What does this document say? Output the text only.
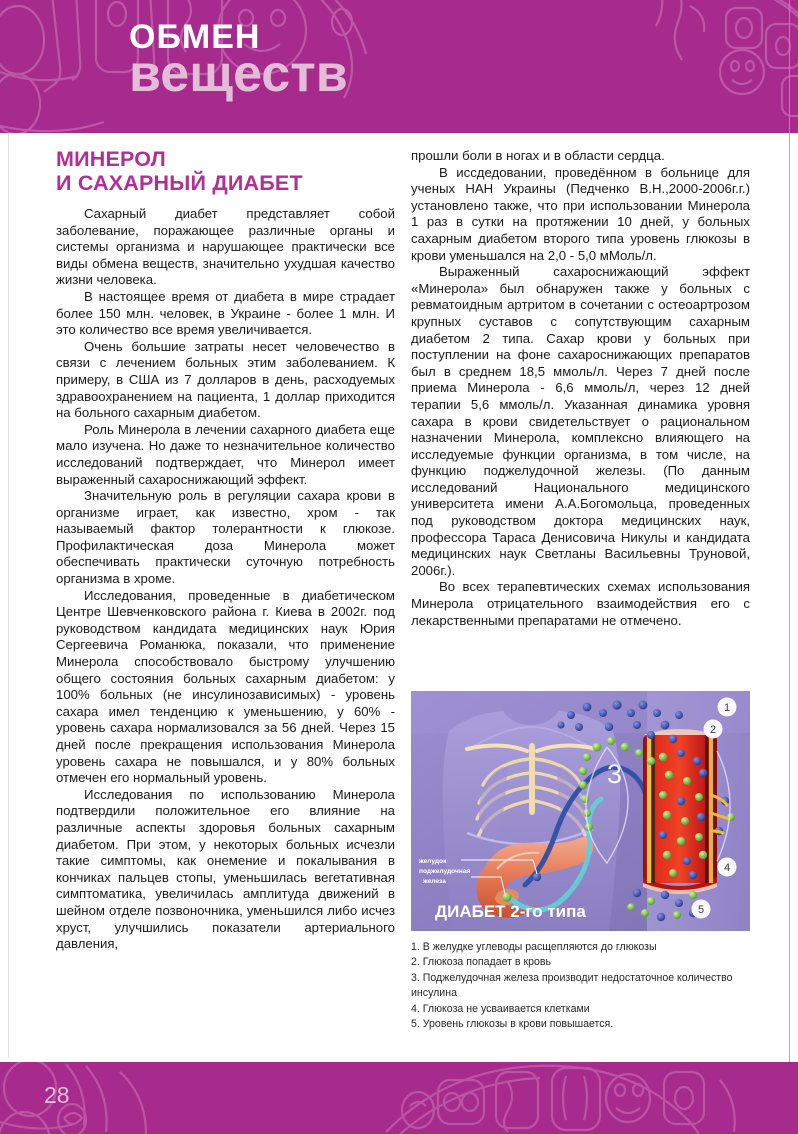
ОБМЕН
веществ
МИНЕРОЛ
И САХАРНЫЙ ДИАБЕТ

Сахарный диабет представляет собой заболевание, поражающее различные органы и системы организма и нарушающее практически все виды обмена веществ, значительно ухудшая качество жизни человека.

В настоящее время от диабета в мире страдает более 150 млн. человек, в Украине - более 1 млн. И это количество все время увеличивается.

Очень большие затраты несет человечество в связи с лечением больных этим заболеванием. К примеру, в США из 7 долларов в день, расходуемых здравоохранением на пациента, 1 доллар приходится на больного сахарным диабетом.

Роль Минерола в лечении сахарного диабета еще мало изучена. Но даже то незначительное количество исследований подтверждает, что Минерол имеет выраженный сахароснижающий эффект.

Значительную роль в регуляции сахара крови в организме играет, как известно, хром - так называемый фактор толерантности к глюкозе. Профилактическая доза Минерола может обеспечивать практически суточную потребность организма в хроме.

Исследования, проведенные в диабетическом Центре Шевченковского района г. Киева в 2002г. под руководством кандидата медицинских наук Юрия Сергеевича Романюка, показали, что применение Минерола способствовало быстрому улучшению общего состояния больных сахарным диабетом: у 100% больных (не инсулинозависимых) - уровень сахара имел тенденцию к уменьшению, у 60% - уровень сахара нормализовался за 56 дней. Через 15 дней после прекращения использования Минерола уровень сахара не повышался, и у 80% больных отмечен его нормальный уровень.

Исследования по использованию Минерола подтвердили положительное его влияние на различные аспекты здоровья больных сахарным диабетом. При этом, у некоторых больных исчезли такие симптомы, как онемение и покалывания в кончиках пальцев стопы, уменьшилась вегетативная симптоматика, увеличилась амплитуда движений в шейном отделе позвоночника, уменьшился либо исчез хруст, улучшились показатели артериального давления,

прошли боли в ногах и в области сердца.

В иссдедовании, проведённом в больнице для ученых НАН Украины (Педченко В.Н.,2000-2006г.г.) установлено также, что при использовании Минерола 1 раз в сутки на протяжении 10 дней, у больных сахарным диабетом второго типа уровень глюкозы в крови уменьшался на 2,0 - 5,0 мМоль/л.

Выраженный сахароснижающий эффект «Минерола» был обнаружен также у больных с ревматоидным артритом в сочетании с остеоартрозом крупных суставов с сопутствующим сахарным диабетом 2 типа. Сахар крови у больных при поступлении на фоне сахароснижающих препаратов был в среднем 18,5 ммоль/л. Через 7 дней после приема Минерола - 6,6 ммоль/л, через 12 дней терапии 5,6 ммоль/л. Указанная динамика уровня сахара в крови свидетельствует о рациональном назначении Минерола, комплексно влияющего на исследуемые функции организма, в том числе, на функцию поджелудочной железы. (По данным исследований Национального медицинского университета имени А.А.Богомольца, проведенных под руководством доктора медицинских наук, профессора Тараса Денисовича Никулы и кандидата медицинских наук Светланы Васильевны Труновой, 2006г.).

Во всех терапевтических схемах использования Минерола отрицательного взаимодействия его с лекарственными препаратами не отмечено.

3
1
2
4
5
желудок
поджелудочная
железа
ДИАБЕТ 2-го типа
1. В желудке углеводы расщепляются до глюкозы
2. Глюкоза попадает в кровь
3. Поджелудочная железа производит недостаточное количество
инсулина
4. Глюкоза не усваивается клетками
5. Уровень глюкозы в крови повышается.
28
